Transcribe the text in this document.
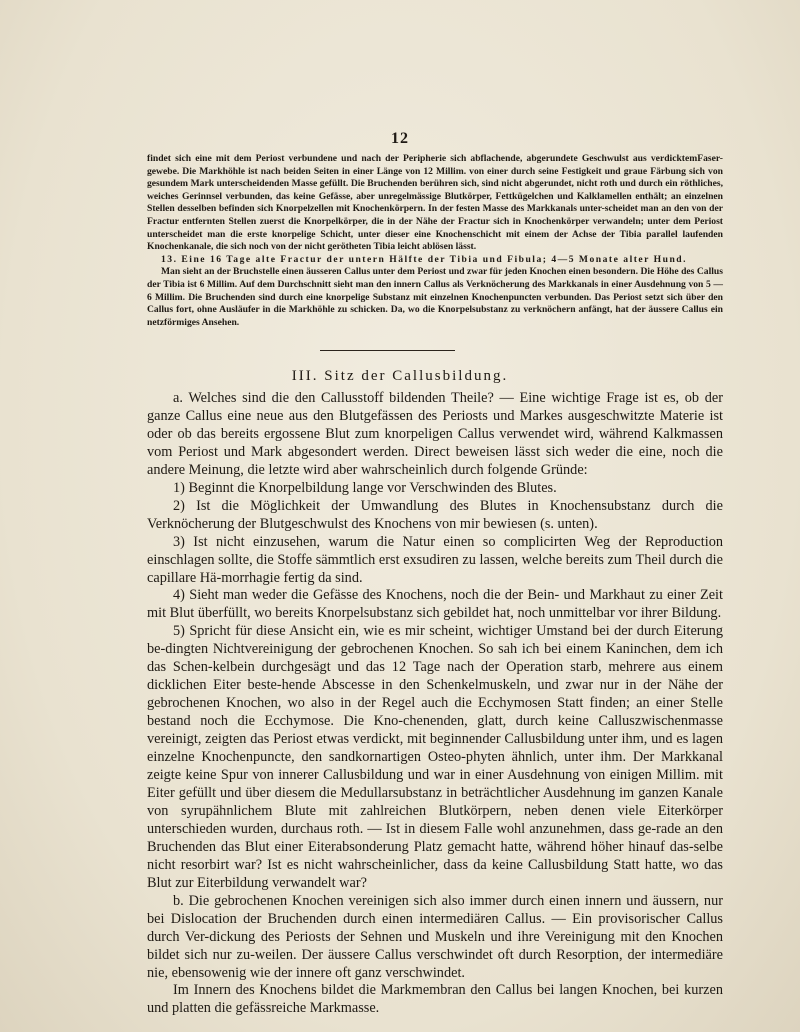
12

findet sich eine mit dem Periost verbundene und nach der Peripherie sich abflachende, abgerundete Geschwulst aus verdicktemFaser-gewebe. Die Markhöhle ist nach beiden Seiten in einer Länge von 12 Millim. von einer durch seine Festigkeit und graue Färbung sich von gesundem Mark unterscheidenden Masse gefüllt. Die Bruchenden berühren sich, sind nicht abgerundet, nicht roth und durch ein röthliches, weiches Gerinnsel verbunden, das keine Gefässe, aber unregelmässige Blutkörper, Fettkügelchen und Kalklamellen enthält; an einzelnen Stellen desselben befinden sich Knorpelzellen mit Knochenkörpern. In der festen Masse des Markkanals unter-scheidet man an den von der Fractur entfernten Stellen zuerst die Knorpelkörper, die in der Nähe der Fractur sich in Knochenkörper verwandeln; unter dem Periost unterscheidet man die erste knorpelige Schicht, unter dieser eine Knochenschicht mit einem der Achse der Tibia parallel laufenden Knochenkanale, die sich noch von der nicht gerötheten Tibia leicht ablösen lässt.

13. Eine 16 Tage alte Fractur der untern Hälfte der Tibia und Fibula; 4—5 Monate alter Hund.

Man sieht an der Bruchstelle einen äusseren Callus unter dem Periost und zwar für jeden Knochen einen besondern. Die Höhe des Callus der Tibia ist 6 Millim. Auf dem Durchschnitt sieht man den innern Callus als Verknöcherung des Markkanals in einer Ausdehnung von 5 — 6 Millim. Die Bruchenden sind durch eine knorpelige Substanz mit einzelnen Knochenpuncten verbunden. Das Periost setzt sich über den Callus fort, ohne Ausläufer in die Markhöhle zu schicken. Da, wo die Knorpelsubstanz zu verknöchern anfängt, hat der äussere Callus ein netzförmiges Ansehen.

III. Sitz der Callusbildung.

a. Welches sind die den Callusstoff bildenden Theile? — Eine wichtige Frage ist es, ob der ganze Callus eine neue aus den Blutgefässen des Periosts und Markes ausgeschwitzte Materie ist oder ob das bereits ergossene Blut zum knorpeligen Callus verwendet wird, während Kalkmassen vom Periost und Mark abgesondert werden. Direct beweisen lässt sich weder die eine, noch die andere Meinung, die letzte wird aber wahrscheinlich durch folgende Gründe:

1) Beginnt die Knorpelbildung lange vor Verschwinden des Blutes.

2) Ist die Möglichkeit der Umwandlung des Blutes in Knochensubstanz durch die Verknöcherung der Blutgeschwulst des Knochens von mir bewiesen (s. unten).

3) Ist nicht einzusehen, warum die Natur einen so complicirten Weg der Reproduction einschlagen sollte, die Stoffe sämmtlich erst exsudiren zu lassen, welche bereits zum Theil durch die capillare Hä-morrhagie fertig da sind.

4) Sieht man weder die Gefässe des Knochens, noch die der Bein- und Markhaut zu einer Zeit mit Blut überfüllt, wo bereits Knorpelsubstanz sich gebildet hat, noch unmittelbar vor ihrer Bildung.

5) Spricht für diese Ansicht ein, wie es mir scheint, wichtiger Umstand bei der durch Eiterung be-dingten Nichtvereinigung der gebrochenen Knochen. So sah ich bei einem Kaninchen, dem ich das Schen-kelbein durchgesägt und das 12 Tage nach der Operation starb, mehrere aus einem dicklichen Eiter beste-hende Abscesse in den Schenkelmuskeln, und zwar nur in der Nähe der gebrochenen Knochen, wo also in der Regel auch die Ecchymosen Statt finden; an einer Stelle bestand noch die Ecchymose. Die Kno-chenenden, glatt, durch keine Calluszwischenmasse vereinigt, zeigten das Periost etwas verdickt, mit beginnender Callusbildung unter ihm, und es lagen einzelne Knochenpuncte, den sandkornartigen Osteo-phyten ähnlich, unter ihm. Der Markkanal zeigte keine Spur von innerer Callusbildung und war in einer Ausdehnung von einigen Millim. mit Eiter gefüllt und über diesem die Medullarsubstanz in beträchtlicher Ausdehnung im ganzen Kanale von syrupähnlichem Blute mit zahlreichen Blutkörpern, neben denen viele Eiterkörper unterschieden wurden, durchaus roth. — Ist in diesem Falle wohl anzunehmen, dass ge-rade an den Bruchenden das Blut einer Eiterabsonderung Platz gemacht hatte, während höher hinauf das-selbe nicht resorbirt war? Ist es nicht wahrscheinlicher, dass da keine Callusbildung Statt hatte, wo das Blut zur Eiterbildung verwandelt war?

b. Die gebrochenen Knochen vereinigen sich also immer durch einen innern und äussern, nur bei Dislocation der Bruchenden durch einen intermediären Callus. — Ein provisorischer Callus durch Ver-dickung des Periosts der Sehnen und Muskeln und ihre Vereinigung mit den Knochen bildet sich nur zu-weilen. Der äussere Callus verschwindet oft durch Resorption, der intermediäre nie, ebensowenig wie der innere oft ganz verschwindet.

Im Innern des Knochens bildet die Markmembran den Callus bei langen Knochen, bei kurzen und platten die gefässreiche Markmasse.
